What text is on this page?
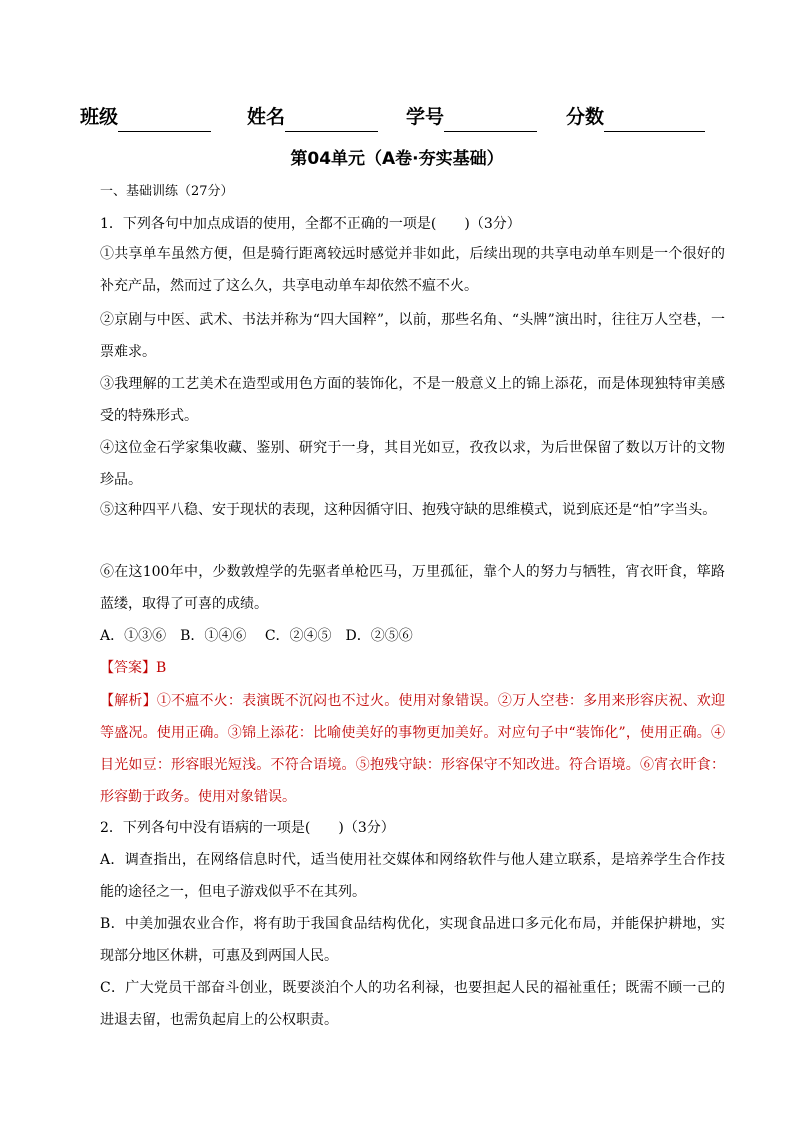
班级	姓名	学号	分数
第04单元（A卷·夯实基础）
一、基础训练（27分）
1．下列各句中加点成语的使用，全都不正确的一项是(　　)（3分）
①共享单车虽然方便，但是骑行距离较远时感觉并非如此，后续出现的共享电动单车则是一个很好的补充产品，然而过了这么久，共享电动单车却依然不瘟不火。
②京剧与中医、武术、书法并称为“四大国粹”，以前，那些名角、“头牌”演出时，往往万人空巷，一票难求。
③我理解的工艺美术在造型或用色方面的装饰化，不是一般意义上的锦上添花，而是体现独特审美感受的特殊形式。
④这位金石学家集收藏、鉴别、研究于一身，其目光如豆，孜孜以求，为后世保留了数以万计的文物珍品。
⑤这种四平八稳、安于现状的表现，这种因循守旧、抱残守缺的思维模式，说到底还是“怕”字当头。
⑥在这100年中，少数敦煌学的先驱者单枪匹马，万里孤征，靠个人的努力与牺牲，宵衣旰食，筚路蓝缕，取得了可喜的成绩。
A．①③⑥　B．①④⑥　 C．②④⑤　D．②⑤⑥
【答案】B
【解析】①不瘟不火：表演既不沉闷也不过火。使用对象错误。②万人空巷：多用来形容庆祝、欢迎等盛况。使用正确。③锦上添花：比喻使美好的事物更加美好。对应句子中“装饰化”，使用正确。④目光如豆：形容眼光短浅。不符合语境。⑤抱残守缺：形容保守不知改进。符合语境。⑥宵衣旰食：形容勤于政务。使用对象错误。
2．下列各句中没有语病的一项是(　　)（3分）
A．调查指出，在网络信息时代，适当使用社交媒体和网络软件与他人建立联系，是培养学生合作技能的途径之一，但电子游戏似乎不在其列。
B．中美加强农业合作，将有助于我国食品结构优化，实现食品进口多元化布局，并能保护耕地，实现部分地区休耕，可惠及到两国人民。
C．广大党员干部奋斗创业，既要淡泊个人的功名利禄，也要担起人民的福祉重任；既需不顾一己的进退去留，也需负起肩上的公权职责。
